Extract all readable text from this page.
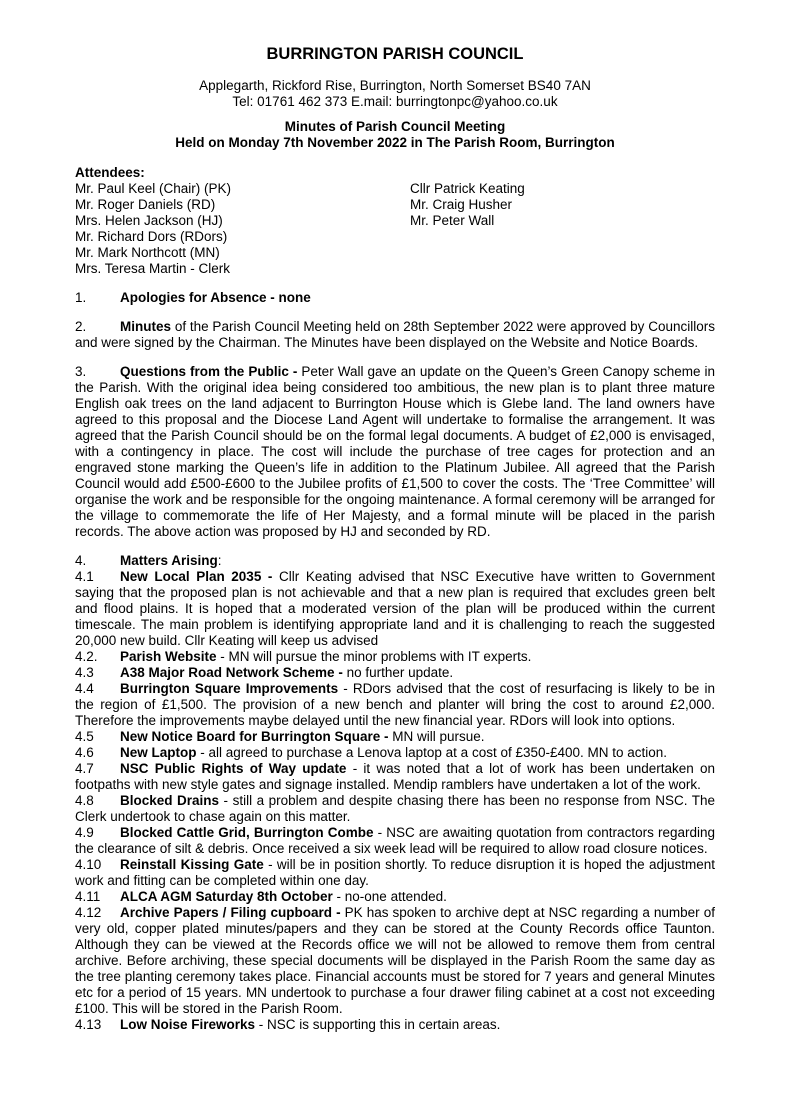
BURRINGTON PARISH COUNCIL
Applegarth, Rickford Rise, Burrington, North Somerset BS40 7AN
Tel: 01761 462 373 E.mail: burringtonpc@yahoo.co.uk
Minutes of Parish Council Meeting
Held on Monday 7th November 2022 in The Parish Room, Burrington
Attendees:
Mr. Paul Keel (Chair) (PK)
Mr. Roger Daniels (RD)
Mrs. Helen Jackson (HJ)
Mr. Richard Dors (RDors)
Mr. Mark Northcott (MN)
Mrs. Teresa Martin - Clerk
Cllr Patrick Keating
Mr. Craig Husher
Mr. Peter Wall

1. Apologies for Absence - none

2. Minutes of the Parish Council Meeting held on 28th September 2022 were approved by Councillors and were signed by the Chairman. The Minutes have been displayed on the Website and Notice Boards.

3. Questions from the Public - Peter Wall gave an update on the Queen’s Green Canopy scheme in the Parish. With the original idea being considered too ambitious, the new plan is to plant three mature English oak trees on the land adjacent to Burrington House which is Glebe land. The land owners have agreed to this proposal and the Diocese Land Agent will undertake to formalise the arrangement. It was agreed that the Parish Council should be on the formal legal documents. A budget of £2,000 is envisaged, with a contingency in place. The cost will include the purchase of tree cages for protection and an engraved stone marking the Queen’s life in addition to the Platinum Jubilee. All agreed that the Parish Council would add £500-£600 to the Jubilee profits of £1,500 to cover the costs. The ‘Tree Committee’ will organise the work and be responsible for the ongoing maintenance. A formal ceremony will be arranged for the village to commemorate the life of Her Majesty, and a formal minute will be placed in the parish records. The above action was proposed by HJ and seconded by RD.

4. Matters Arising:

4.1 New Local Plan 2035 - Cllr Keating advised that NSC Executive have written to Government saying that the proposed plan is not achievable and that a new plan is required that excludes green belt and flood plains. It is hoped that a moderated version of the plan will be produced within the current timescale. The main problem is identifying appropriate land and it is challenging to reach the suggested 20,000 new build. Cllr Keating will keep us advised

4.2. Parish Website - MN will pursue the minor problems with IT experts.

4.3 A38 Major Road Network Scheme - no further update.

4.4 Burrington Square Improvements - RDors advised that the cost of resurfacing is likely to be in the region of £1,500. The provision of a new bench and planter will bring the cost to around £2,000. Therefore the improvements maybe delayed until the new financial year. RDors will look into options.

4.5 New Notice Board for Burrington Square - MN will pursue.

4.6 New Laptop - all agreed to purchase a Lenova laptop at a cost of £350-£400. MN to action.

4.7 NSC Public Rights of Way update - it was noted that a lot of work has been undertaken on footpaths with new style gates and signage installed. Mendip ramblers have undertaken a lot of the work.

4.8 Blocked Drains - still a problem and despite chasing there has been no response from NSC. The Clerk undertook to chase again on this matter.

4.9 Blocked Cattle Grid, Burrington Combe - NSC are awaiting quotation from contractors regarding the clearance of silt & debris. Once received a six week lead will be required to allow road closure notices.

4.10 Reinstall Kissing Gate - will be in position shortly. To reduce disruption it is hoped the adjustment work and fitting can be completed within one day.

4.11 ALCA AGM Saturday 8th October - no-one attended.

4.12 Archive Papers / Filing cupboard - PK has spoken to archive dept at NSC regarding a number of very old, copper plated minutes/papers and they can be stored at the County Records office Taunton. Although they can be viewed at the Records office we will not be allowed to remove them from central archive. Before archiving, these special documents will be displayed in the Parish Room the same day as the tree planting ceremony takes place. Financial accounts must be stored for 7 years and general Minutes etc for a period of 15 years. MN undertook to purchase a four drawer filing cabinet at a cost not exceeding £100. This will be stored in the Parish Room.

4.13 Low Noise Fireworks - NSC is supporting this in certain areas.
